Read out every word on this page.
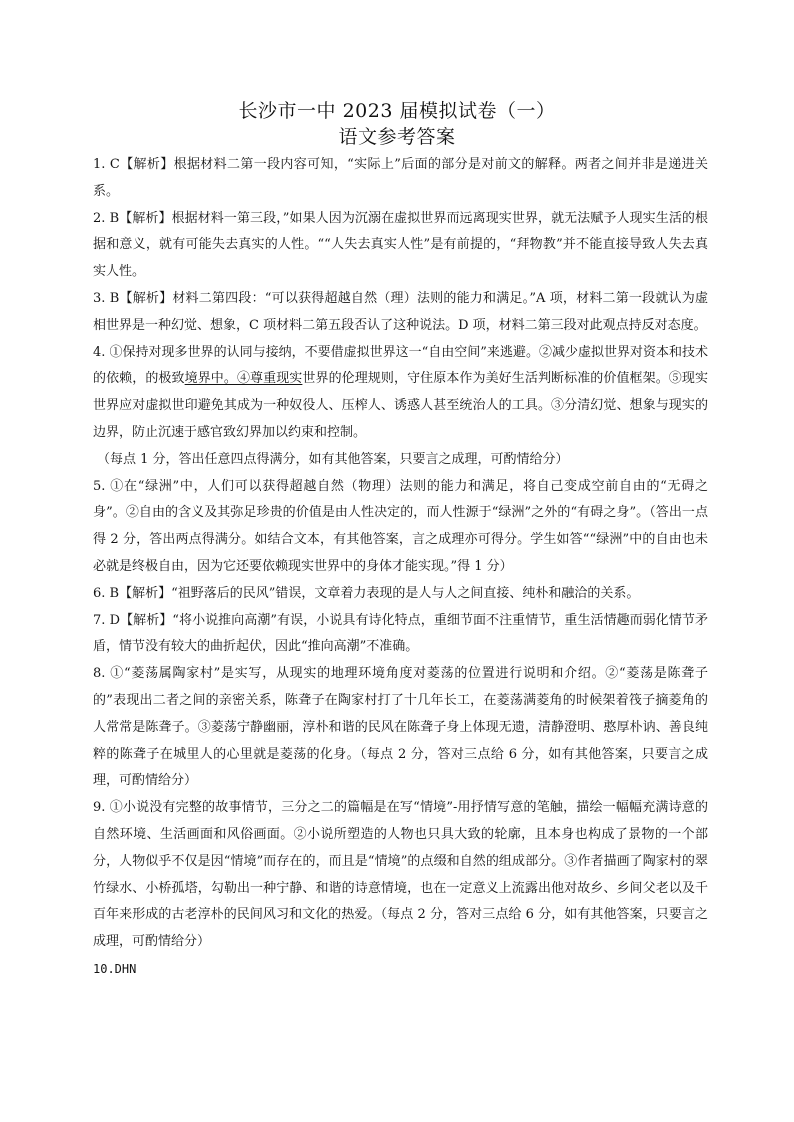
长沙市一中 2023 届模拟试卷（一）
语文参考答案
1. C【解析】根据材料二第一段内容可知，“实际上”后面的部分是对前文的解释。两者之间并非是递进关系。
2. B【解析】根据材料一第三段，”如果人因为沉溺在虚拟世界而远离现实世界，就无法赋予人现实生活的根据和意义，就有可能失去真实的人性。““人失去真实人性”是有前提的，“拜物教”并不能直接导致人失去真实人性。
3. B【解析】材料二第四段：“可以获得超越自然（理）法则的能力和满足。”A 项，材料二第一段就认为虚相世界是一种幻觉、想象，C 项材料二第五段否认了这种说法。D 项，材料二第三段对此观点持反对态度。
4. ①保持对现多世界的认同与接纳，不要借虚拟世界这一“自由空间”来逃避。②减少虚拟世界对资本和技术的依赖，的极致境界中。④尊重现实世界的伦理规则，守住原本作为美好生活判断标准的价值框架。⑤现实世界应对虚拟世印避免其成为一种奴役人、压榨人、诱惑人甚至统治人的工具。③分清幻觉、想象与现实的边界，防止沉速于感官致幻界加以约束和控制。
（每点 1 分，答出任意四点得满分，如有其他答案，只要言之成理，可酌情给分）
5. ①在“绿洲”中，人们可以获得超越自然（物理）法则的能力和满足，将自己变成空前自由的“无碍之身”。②自由的含义及其弥足珍贵的价值是由人性决定的，而人性源于“绿洲”之外的“有碍之身”。（答出一点得 2 分，答出两点得满分。如结合文本，有其他答案，言之成理亦可得分。学生如答““绿洲”中的自由也未必就是终极自由，因为它还要依赖现实世界中的身体才能实现。”得 1 分）
6. B【解析】“祖野落后的民风”错误，文章着力表现的是人与人之间直接、纯朴和融洽的关系。
7. D【解析】“将小说推向高潮”有误，小说具有诗化特点，重细节面不注重情节，重生活情趣而弱化情节矛盾，情节没有较大的曲折起伏，因此“推向高潮”不准确。
8. ①“菱荡属陶家村”是实写，从现实的地理环境角度对菱荡的位置进行说明和介绍。②“菱荡是陈聋子的”表现出二者之间的亲密关系，陈聋子在陶家村打了十几年长工，在菱荡满菱角的时候架着筏子摘菱角的人常常是陈聋子。③菱荡宁静幽丽，淳朴和谐的民风在陈聋子身上体现无遗，清静澄明、憨厚朴讷、善良纯粹的陈聋子在城里人的心里就是菱荡的化身。（每点 2 分，答对三点给 6 分，如有其他答案，只要言之成理，可酌情给分）
9. ①小说没有完整的故事情节，三分之二的篇幅是在写“情境”-用抒情写意的笔触，描绘一幅幅充满诗意的自然环境、生活画面和风俗画面。②小说所塑造的人物也只具大致的轮廓，且本身也构成了景物的一个部分，人物似乎不仅是因“情境”而存在的，而且是“情境”的点缀和自然的组成部分。③作者描画了陶家村的翠竹绿水、小桥孤塔，勾勒出一种宁静、和谐的诗意情境，也在一定意义上流露出他对故乡、乡间父老以及千百年来形成的古老淳朴的民间风习和文化的热爱。（每点 2 分，答对三点给 6 分，如有其他答案，只要言之成理，可酌情给分）
10.DHN
